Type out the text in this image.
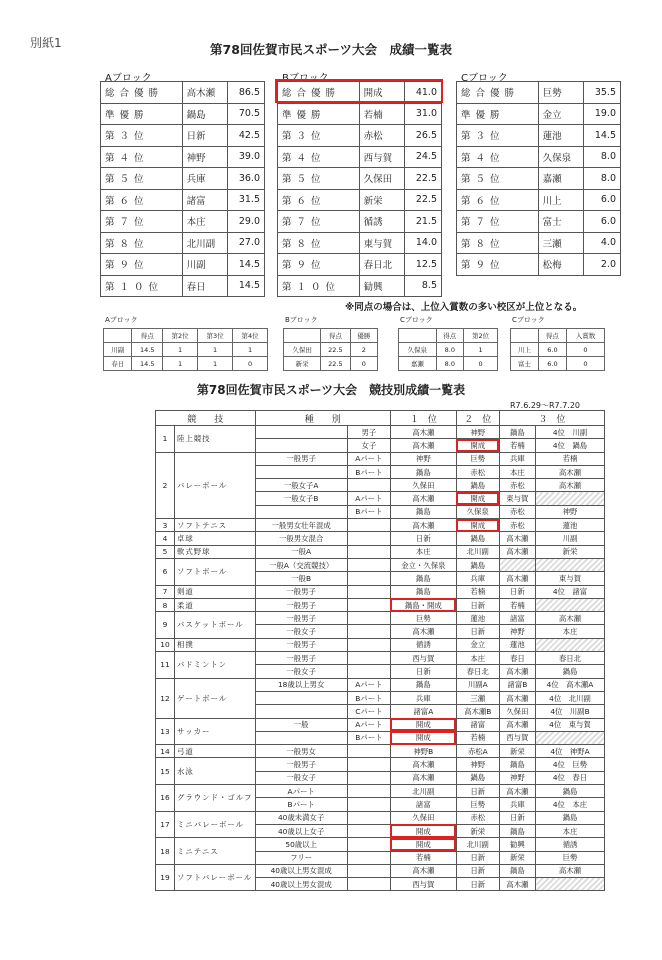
別紙1	第78回佐賀市民スポーツ大会　成績一覧表
Aブロック
総合優勝	高木瀬	86.5
準優勝	鍋島	70.5
第３位	日新	42.5
第４位	神野	39.0
第５位	兵庫	36.0
第６位	諸富	31.5
第７位	本庄	29.0
第８位	北川副	27.0
第９位	川副	14.5
第１０位	春日	14.5
Bブロック
総合優勝	開成	41.0
準優勝	若楠	31.0
第３位	赤松	26.5
第４位	西与賀	24.5
第５位	久保田	22.5
第６位	新栄	22.5
第７位	循誘	21.5
第８位	東与賀	14.0
第９位	春日北	12.5
第１０位	勧興	8.5
Cブロック
総合優勝	巨勢	35.5
準優勝	金立	19.0
第３位	蓮池	14.5
第４位	久保泉	8.0
第５位	嘉瀬	8.0
第６位	川上	6.0
第７位	富士	6.0
第８位	三瀬	4.0
第９位	松梅	2.0
※同点の場合は、上位入賞数の多い校区が上位となる。
Aブロック
	得点	第2位	第3位	第4位
川副	14.5	1	1	1
春日	14.5	1	1	0
Bブロック
	得点	優勝
久保田	22.5	2
新栄	22.5	0
Cブロック
	得点	第2位
久保泉	8.0	1
嘉瀬	8.0	0
Cブロック
	得点	入賞数
川上	6.0	0
富士	6.0	0
第78回佐賀市民スポーツ大会　競技別成績一覧表
R7.6.29～R7.7.20
競　　技		種　　別		１　位	２　位	３　位	
1	陸上競技		男子	高木瀬	神野	鍋島	4位　川副
			女子	高木瀬	開成	若楠	4位　鍋島
2	バレーボール	一般男子	Aパート	神野	巨勢	兵庫	若楠
			Bパート	鍋島	赤松	本庄	高木瀬
		一般女子A		久保田	鍋島	赤松	高木瀬
		一般女子B	Aパート	高木瀬	開成	東与賀	
			Bパート	鍋島	久保泉	赤松	神野
3	ソフトテニス	一般男女壮年混成		高木瀬	開成	赤松	蓮池
4	卓球	一般男女混合		日新	鍋島	高木瀬	川副
5	軟式野球	一般A		本庄	北川副	高木瀬	新栄
6	ソフトボール	一般A（交流競技）		金立・久保泉	鍋島		
		一般B		鍋島	兵庫	高木瀬	東与賀
7	剣道	一般男子		鍋島	若楠	日新	4位　諸富
8	柔道	一般男子		鍋島・開成	日新	若楠	
9	バスケットボール	一般男子		巨勢	蓮池	諸富	高木瀬
		一般女子		高木瀬	日新	神野	本庄
10	相撲	一般男子		循誘	金立	蓮池	
11	バドミントン	一般男子		西与賀	本庄	春日	春日北
		一般女子		日新	春日北	高木瀬	鍋島
12	ゲートボール	18歳以上男女	Aパート	鍋島	川副A	諸富B	4位　高木瀬A
			Bパート	兵庫	三瀬	高木瀬	4位　北川副
			Cパート	諸富A	高木瀬B	久保田	4位　川副B
13	サッカー	一般	Aパート	開成	諸富	高木瀬	4位　東与賀
			Bパート	開成	若楠	西与賀	
14	弓道	一般男女		神野B	赤松A	新栄	4位　神野A
15	水泳	一般男子		高木瀬	神野	鍋島	4位　巨勢
		一般女子		高木瀬	鍋島	神野	4位　春日
16	グラウンド・ゴルフ	Aパート		北川副	日新	高木瀬	鍋島
		Bパート		諸富	巨勢	兵庫	4位　本庄
17	ミニバレーボール	40歳未満女子		久保田	赤松	日新	鍋島
		40歳以上女子		開成	新栄	鍋島	本庄
18	ミニテニス	50歳以上		開成	北川副	勧興	循誘
		フリー		若楠	日新	新栄	巨勢
19	ソフトバレーボール	40歳以上男女混成		高木瀬	日新	鍋島	高木瀬
		40歳以上男女混成		西与賀	日新	高木瀬	
